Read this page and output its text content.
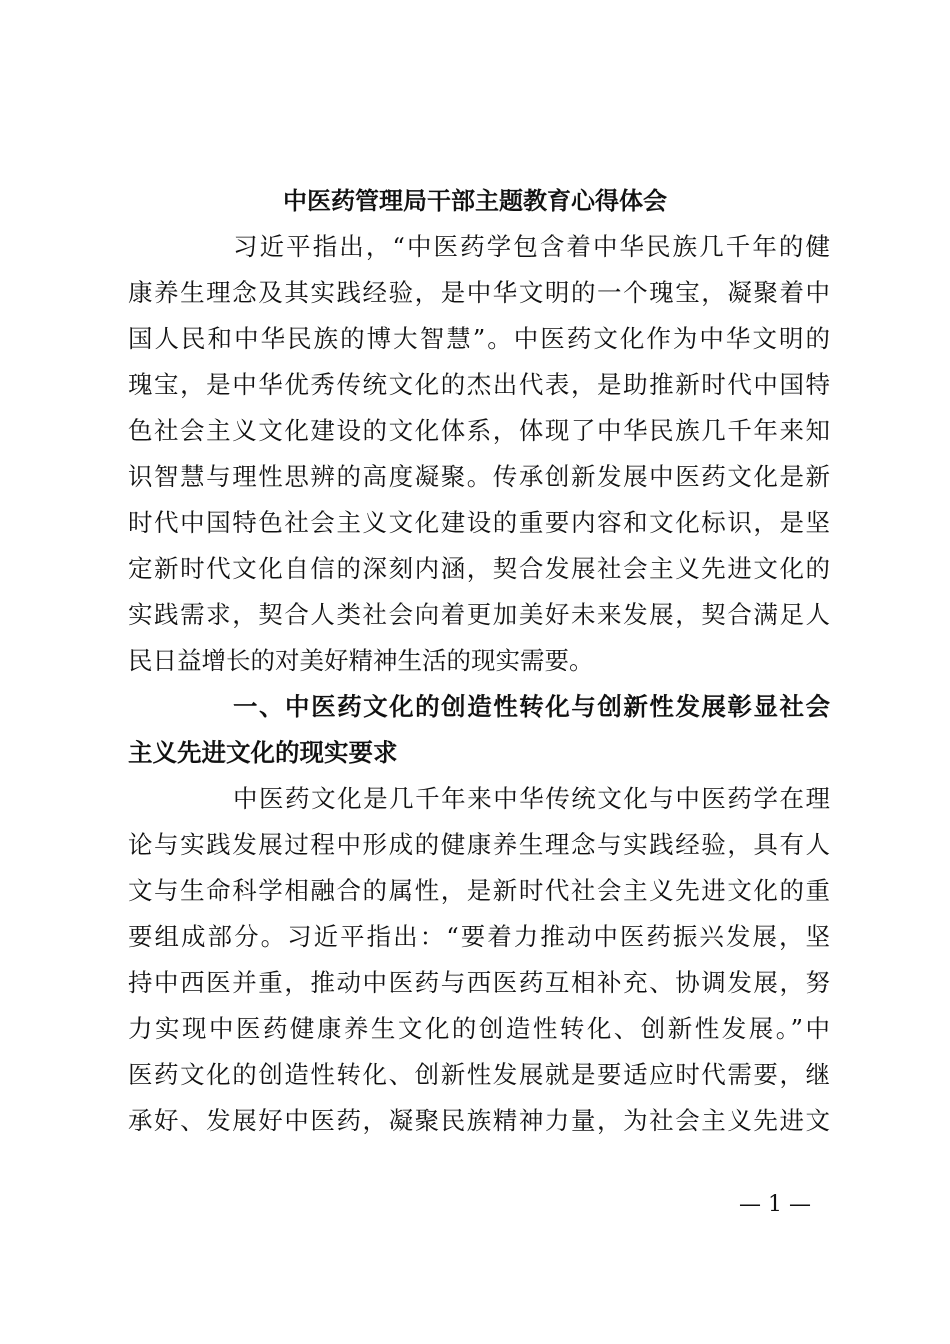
中医药管理局干部主题教育心得体会
习近平指出，“中医药学包含着中华民族几千年的健
康养生理念及其实践经验，是中华文明的一个瑰宝，凝聚着中
国人民和中华民族的博大智慧”。中医药文化作为中华文明的
瑰宝，是中华优秀传统文化的杰出代表，是助推新时代中国特
色社会主义文化建设的文化体系，体现了中华民族几千年来知
识智慧与理性思辨的高度凝聚。传承创新发展中医药文化是新
时代中国特色社会主义文化建设的重要内容和文化标识，是坚
定新时代文化自信的深刻内涵，契合发展社会主义先进文化的
实践需求，契合人类社会向着更加美好未来发展，契合满足人
民日益增长的对美好精神生活的现实需要。
一、中医药文化的创造性转化与创新性发展彰显社会
主义先进文化的现实要求
中医药文化是几千年来中华传统文化与中医药学在理
论与实践发展过程中形成的健康养生理念与实践经验，具有人
文与生命科学相融合的属性，是新时代社会主义先进文化的重
要组成部分。习近平指出：“要着力推动中医药振兴发展，坚
持中西医并重，推动中医药与西医药互相补充、协调发展，努
力实现中医药健康养生文化的创造性转化、创新性发展。”中
医药文化的创造性转化、创新性发展就是要适应时代需要，继
承好、发展好中医药，凝聚民族精神力量，为社会主义先进文
— 1 —
